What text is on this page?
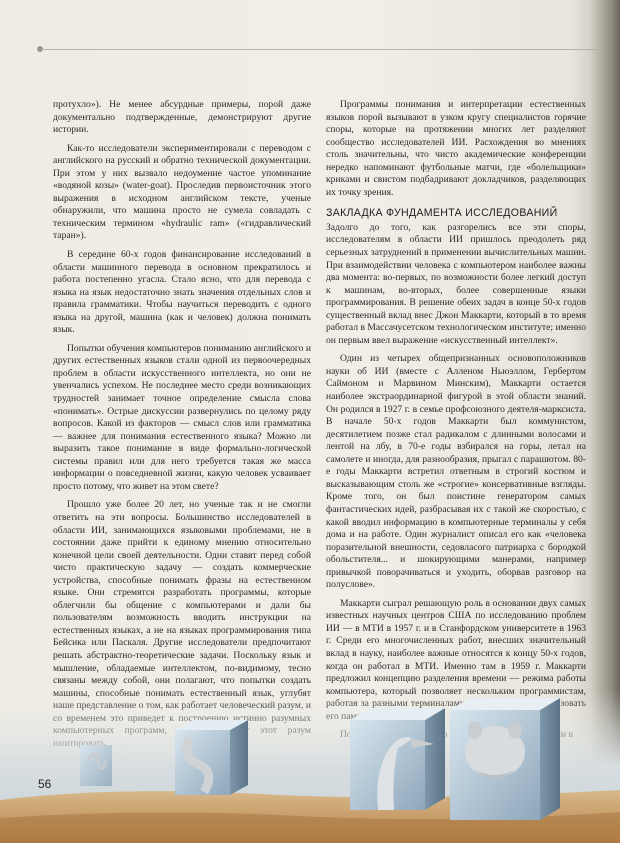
протухло»). Не менее абсурдные примеры, порой даже документально подтвержденные, демонстрируют другие истории.

Как-то исследователи экспериментировали с переводом с английского на русский и обратно технической документации. При этом у них вызвало недоумение частое упоминание «водяной козы» (water-goat). Проследив первоисточник этого выражения в исходном английском тексте, ученые обнаружили, что машина просто не сумела совладать с техническим термином «hydraulic ram» («гидравлический таран»).

В середине 60-х годов финансирование исследований в области машинного перевода в основном прекратилось и работа постепенно угасла. Стало ясно, что для перевода с языка на язык недостаточно знать значения отдельных слов и правила грамматики. Чтобы научиться переводить с одного языка на другой, машина (как и человек) должна понимать язык.

Попытки обучения компьютеров пониманию английского и других естественных языков стали одной из первоочередных проблем в области искусственного интеллекта, но они не увенчались успехом. Не последнее место среди возникающих трудностей занимает точное определение смысла слова «понимать». Острые дискуссии развернулись по целому ряду вопросов. Какой из факторов — смысл слов или грамматика — важнее для понимания естественного языка? Можно ли выразить такое понимание в виде формально-логической системы правил или для него требуется такая же масса информации о повседневной жизни, какую человек усваивает просто потому, что живет на этом свете?

Прошло уже более 20 лет, но ученые так и не смогли ответить на эти вопросы. Большинство исследователей в области ИИ, занимающихся языковыми проблемами, не в состоянии даже прийти к единому мнению относительно конечной цели своей деятельности. Одни ставят перед собой чисто практическую задачу — создать коммерческие устройства, способные понимать фразы на естественном языке. Они стремятся разработать программы, которые облегчили бы общение с компьютерами и дали бы пользователям возможность вводить инструкции на естественных языках, а не на языках программирования типа Бейсика или Паскаля. Другие исследователи предпочитают решать абстрактно-теоретические задачи. Поскольку язык и мышление, обладаемые интеллектом, по-видимому, тесно связаны между собой, они полагают, что попытки создать

Программы понимания и интерпретации естественных языков порой вызывают в узком кругу специалистов горячие споры, которые на протяжении многих лет разделяют сообщество исследователей ИИ. Расхождения во мнениях столь значительны, что чисто академические конференции нередко напоминают футбольные матчи, где «болельщики» криками и свистом подбадривают докладчиков, разделяющих их точку зрения.

ЗАКЛАДКА ФУНДАМЕНТА ИССЛЕДОВАНИЙ

Задолго до того, как разгорелись все эти споры, исследователям в области ИИ пришлось преодолеть ряд серьезных затруднений в применении вычислительных машин. При взаимодействии человека с компьютером наиболее важны два момента: во-первых, по возможности более легкий доступ к машинам, во-вторых, более совершенные языки программирования. В решение обеих задач в конце 50-х годов существенный вклад внес Джон Маккарти, который в то время работал в Массачусетском технологическом институте; именно он первым ввел выражение «искусственный интеллект».

Один из четырех общепризнанных основоположников науки об ИИ (вместе с Алленом Ньюэллом, Гербертом Саймоном и Марвином Минским), Маккарти остается наиболее экстраординарной фигурой в этой области знаний. Он родился в 1927 г. в семье профсоюзного деятеля-марксиста. В начале 50-х годов Маккарти был коммунистом, десятилетием позже стал радикалом с длинными волосами и лентой на лбу, в 70-е годы взбирался на горы, летал на самолете и иногда, для разнообразия, прыгал с парашютом. 80-е годы Маккарти встретил ответным в строгий костюм и высказывающим столь же «строгие» консервативные взгляды. Кроме того, он был поистине генератором самых фантастических идей, разбрасывая их с такой же скоростью, с какой вводил информацию в компьютерные терминалы у себя дома и на работе. Один журналист описал его как «человека поразительной внешности, седовласого патриарха с бородкой обольстителя... и шокирующими манерами, например привычкой поворачиваться и уходить, оборвав разговор на полуслове».

Маккарти сыграл решающую роль в основании двух самых известных научных центров США по исследованию проблем ИИ — в МТИ в 1957 г. и в Станфордском университете в 1963 г. Среди его многочисленных работ, внесших значительный вклад в науку, наиболее важные относятся к концу 50-х годов, когда он работал в МТИ. Именно там в 1959 г. Маккарти предложил концепцию разделения времени — режима работы

56
